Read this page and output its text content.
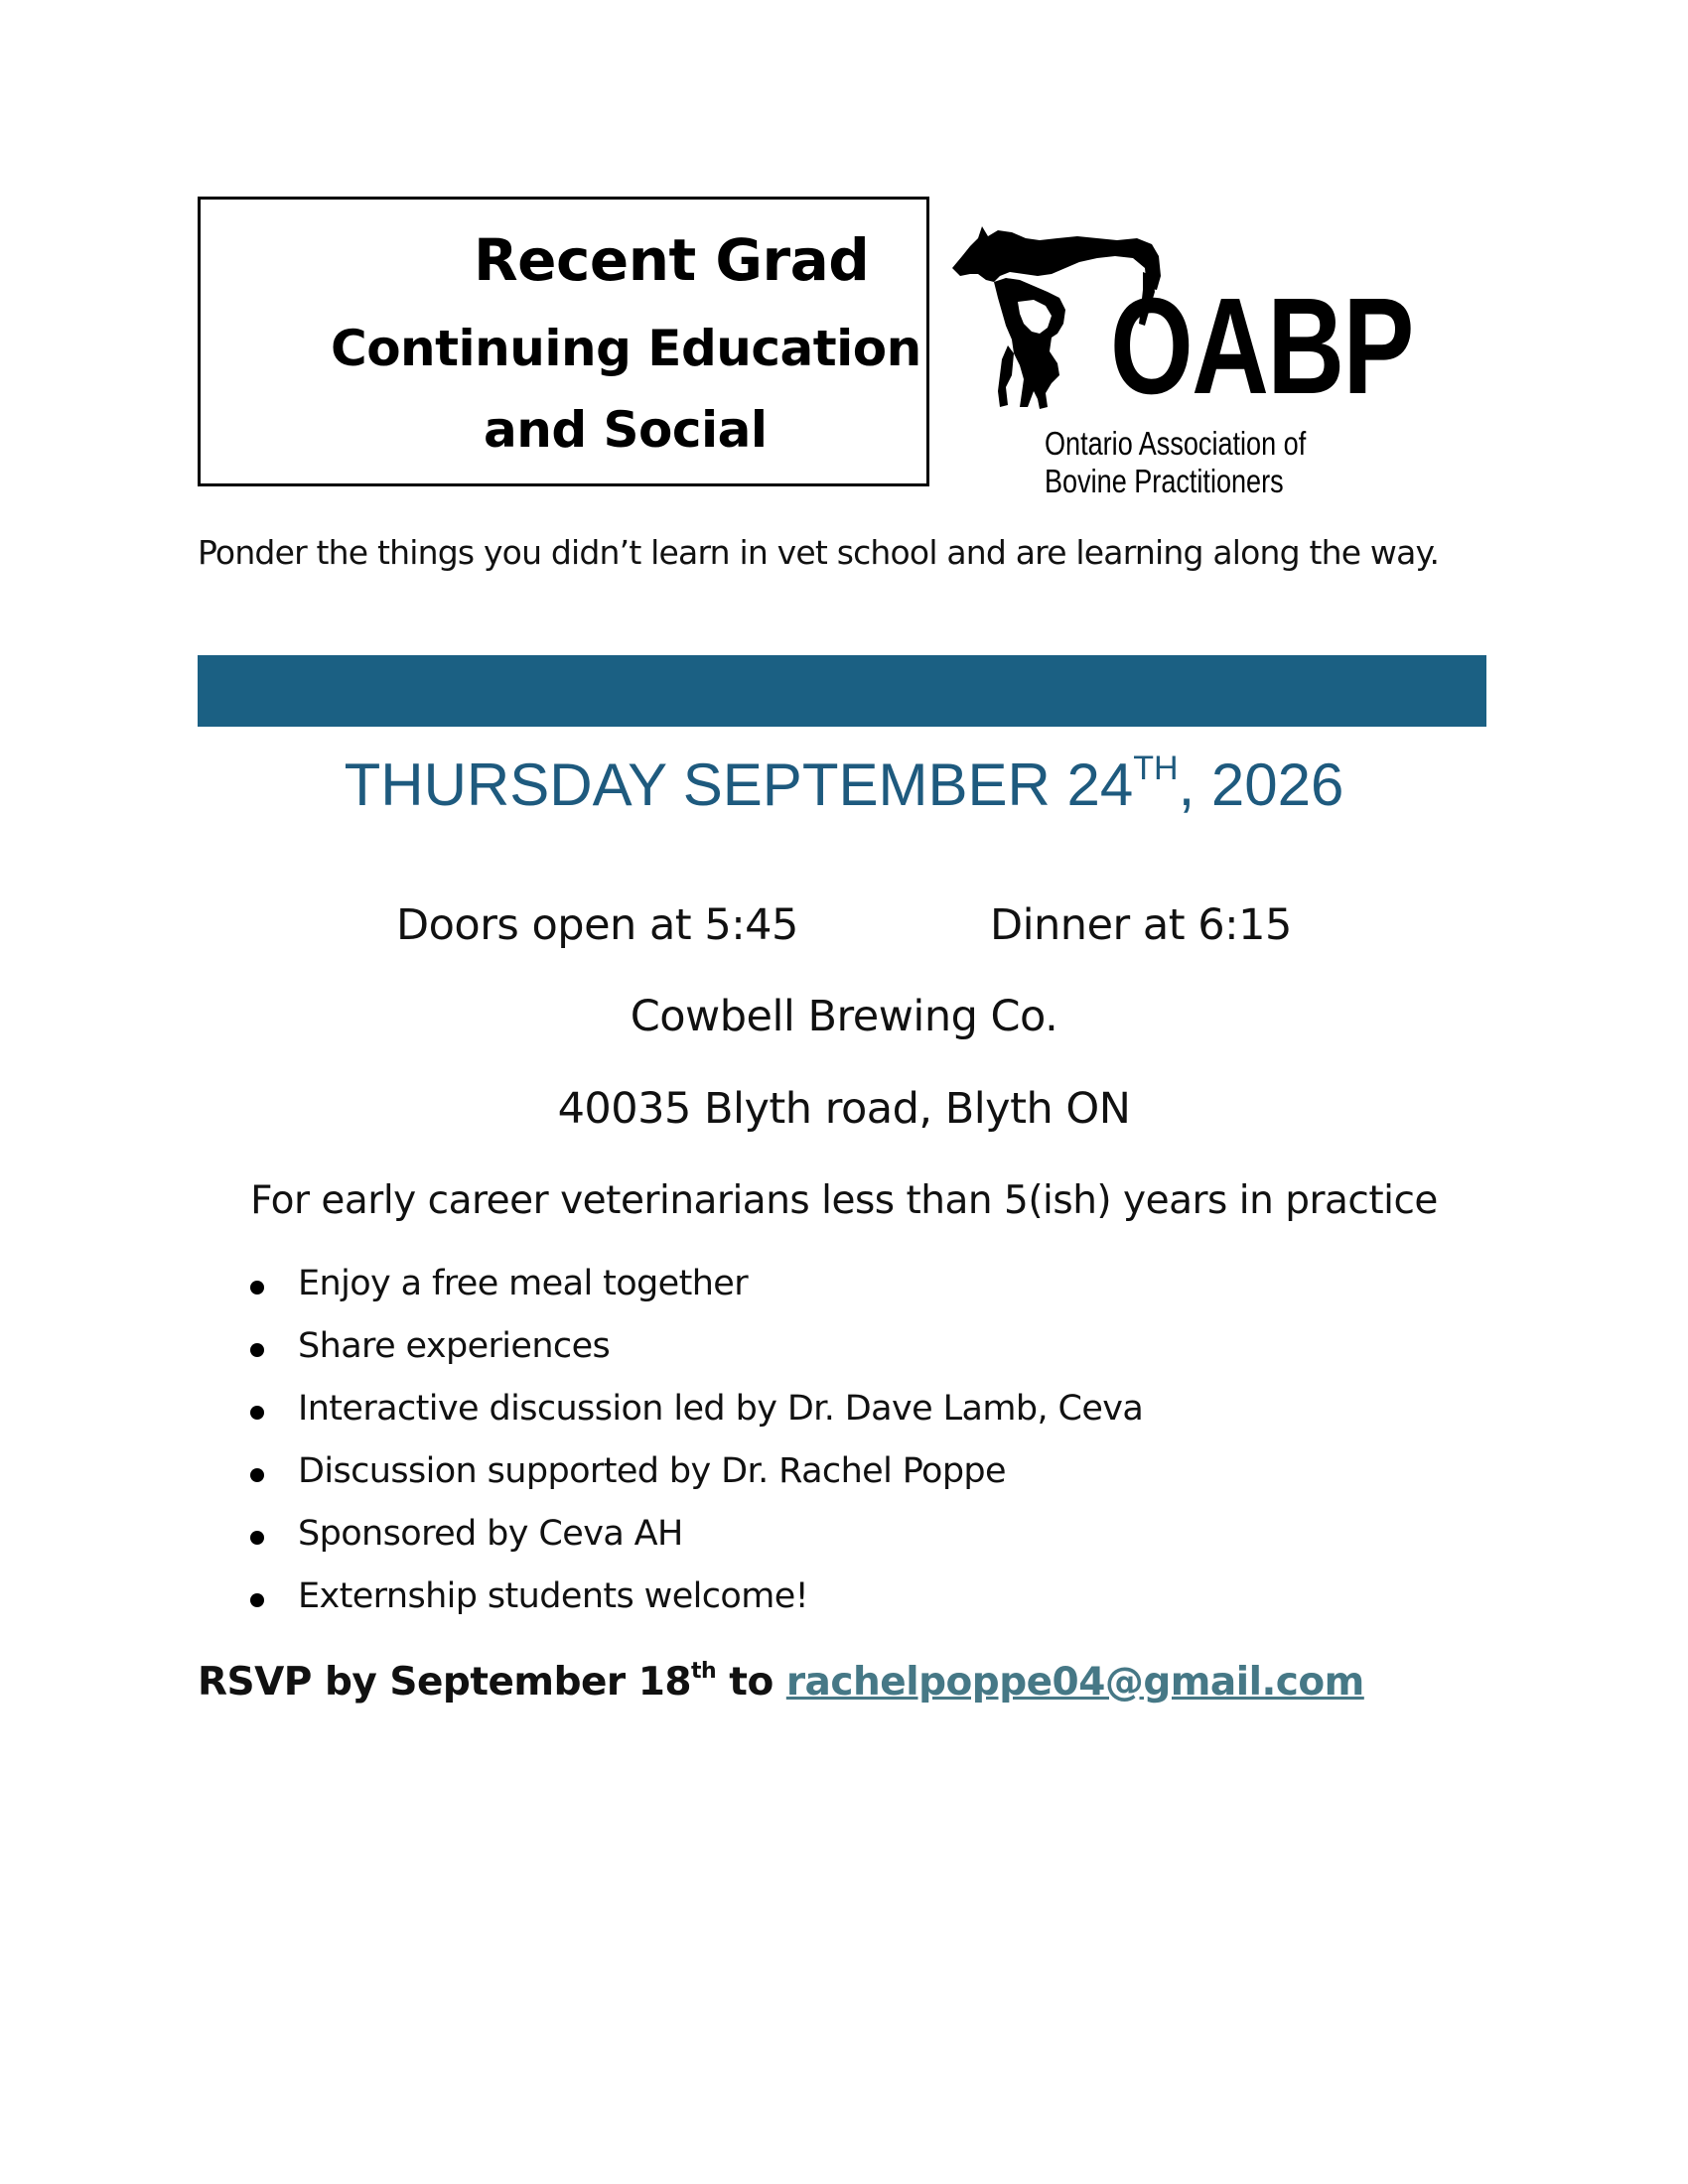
Recent Grad
Continuing Education
and Social
OABP
Ontario Association of
Bovine Practitioners
Ponder the things you didn’t learn in vet school and are learning along the way.
THURSDAY SEPTEMBER 24TH, 2026
Doors open at 5:45	Dinner at 6:15
Cowbell Brewing Co.
40035 Blyth road, Blyth ON
For early career veterinarians less than 5(ish) years in practice
Enjoy a free meal together
Share experiences
Interactive discussion led by Dr. Dave Lamb, Ceva
Discussion supported by Dr. Rachel Poppe
Sponsored by Ceva AH
Externship students welcome!
RSVP by September 18th to rachelpoppe04@gmail.com
